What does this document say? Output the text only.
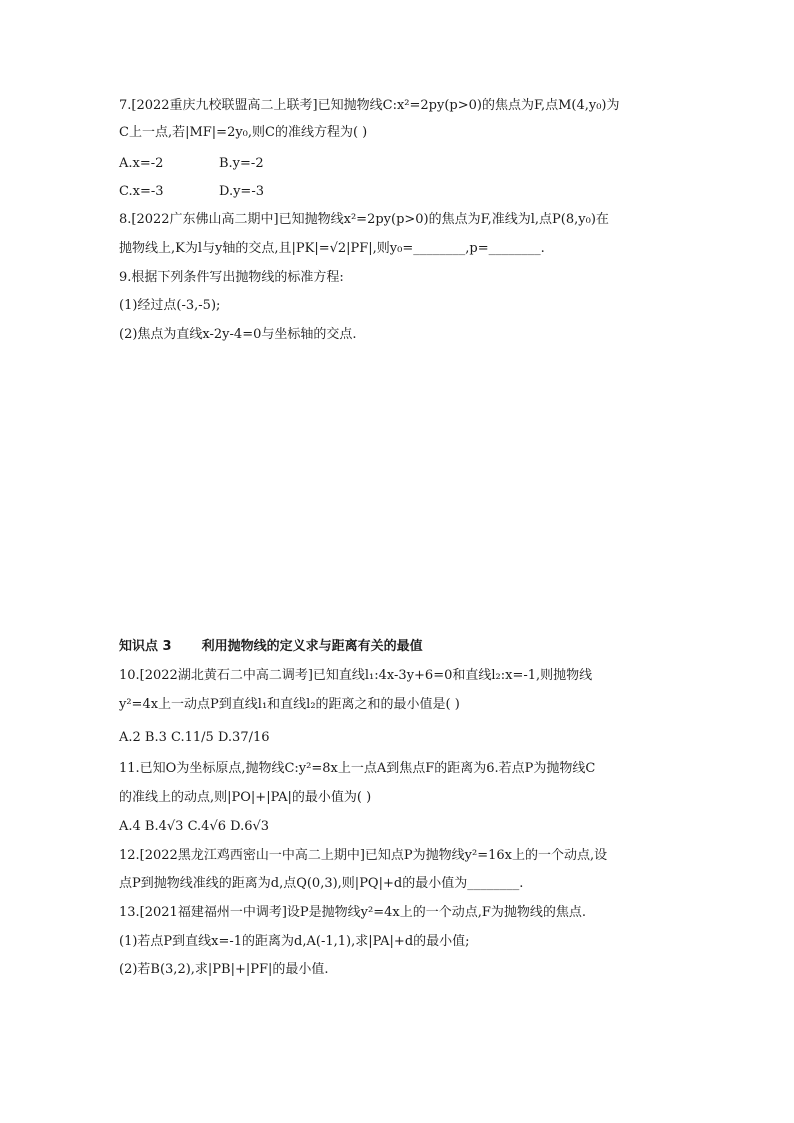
7.[2022重庆九校联盟高二上联考]已知抛物线C:x²=2py(p>0)的焦点为F,点M(4,y₀)为
C上一点,若|MF|=2y₀,则C的准线方程为( )
A.x=-2	B.y=-2
C.x=-3	D.y=-3
8.[2022广东佛山高二期中]已知抛物线x²=2py(p>0)的焦点为F,准线为l,点P(8,y₀)在
抛物线上,K为l与y轴的交点,且|PK|=√2|PF|,则y₀=________,p=________.
9.根据下列条件写出抛物线的标准方程:
(1)经过点(-3,-5);
(2)焦点为直线x-2y-4=0与坐标轴的交点.
知识点 3 利用抛物线的定义求与距离有关的最值
10.[2022湖北黄石二中高二调考]已知直线l₁:4x-3y+6=0和直线l₂:x=-1,则抛物线
y²=4x上一动点P到直线l₁和直线l₂的距离之和的最小值是( )
A.2 B.3 C.11/5 D.37/16
11.已知O为坐标原点,抛物线C:y²=8x上一点A到焦点F的距离为6.若点P为抛物线C
的准线上的动点,则|PO|+|PA|的最小值为( )
A.4 B.4√3 C.4√6 D.6√3
12.[2022黑龙江鸡西密山一中高二上期中]已知点P为抛物线y²=16x上的一个动点,设
点P到抛物线准线的距离为d,点Q(0,3),则|PQ|+d的最小值为________.
13.[2021福建福州一中调考]设P是抛物线y²=4x上的一个动点,F为抛物线的焦点.
(1)若点P到直线x=-1的距离为d,A(-1,1),求|PA|+d的最小值;
(2)若B(3,2),求|PB|+|PF|的最小值.
